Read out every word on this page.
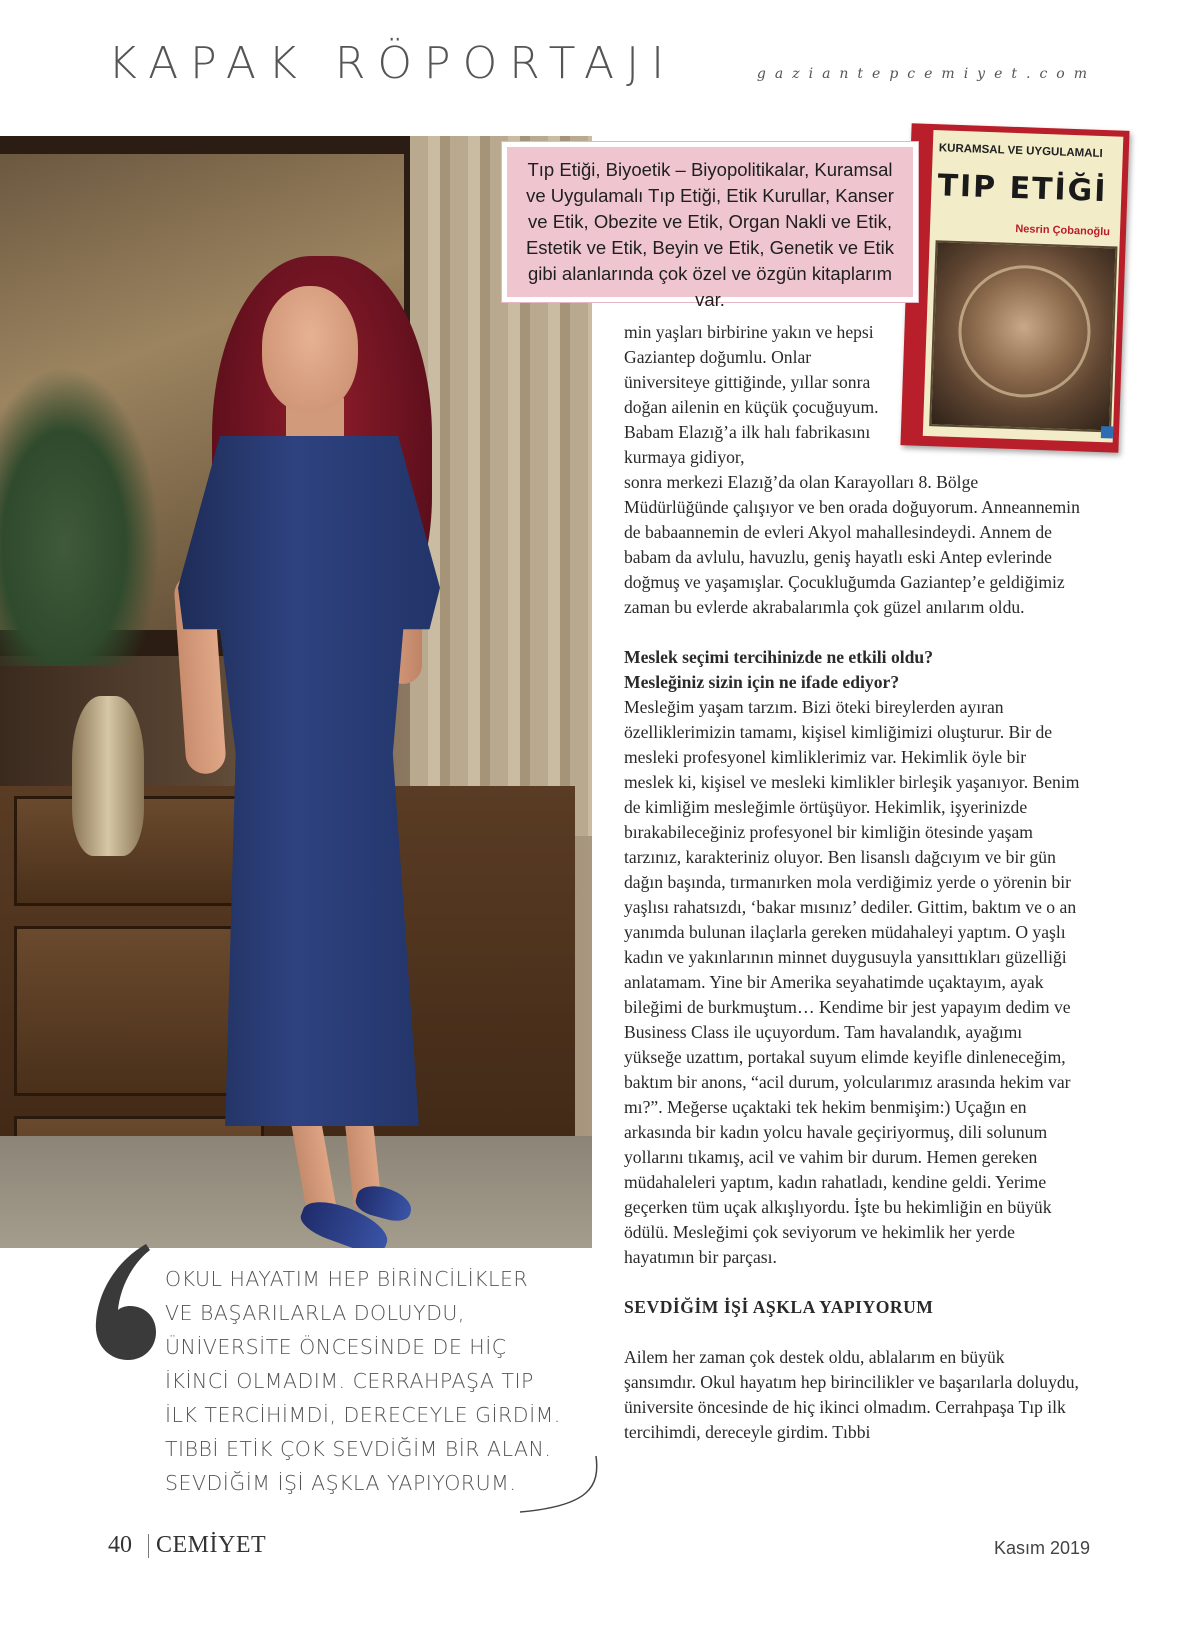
KAPAK RÖPORTAJI	gaziantepcemiyet.com
Tıp Etiği, Biyoetik – Biyopolitikalar, Kuramsal ve Uygulamalı Tıp Etiği, Etik Kurullar, Kanser ve Etik, Obezite ve Etik, Organ Nakli ve Etik, Estetik ve Etik, Beyin ve Etik, Genetik ve Etik gibi alanlarında çok özel ve özgün kitaplarım var.
KURAMSAL VE UYGULAMALI
TIP ETİĞİ
Nesrin Çobanoğlu

min yaşları birbirine yakın ve hepsi Gaziantep doğumlu. Onlar üniversiteye gittiğinde, yıllar sonra doğan ailenin en küçük çocuğuyum. Babam Elazığ’a ilk halı fabrikasını kurmaya gidiyor,

sonra merkezi Elazığ’da olan Karayolları 8. Bölge Müdürlüğünde çalışıyor ve ben orada doğuyorum. Anneannemin de babaannemin de evleri Akyol mahallesindeydi. Annem de babam da avlulu, havuzlu, geniş hayatlı eski Antep evlerinde doğmuş ve yaşamışlar. Çocukluğumda Gaziantep’e geldiğimiz zaman bu evlerde akrabalarımla çok güzel anılarım oldu.

Meslek seçimi tercihinizde ne etkili oldu?
Mesleğiniz sizin için ne ifade ediyor?

Mesleğim yaşam tarzım. Bizi öteki bireylerden ayıran özelliklerimizin tamamı, kişisel kimliğimizi oluşturur. Bir de mesleki profesyonel kimliklerimiz var. Hekimlik öyle bir meslek ki, kişisel ve mesleki kimlikler birleşik yaşanıyor. Benim de kimliğim mesleğimle örtüşüyor. Hekimlik, işyerinizde bırakabileceğiniz profesyonel bir kimliğin ötesinde yaşam tarzınız, karakteriniz oluyor. Ben lisanslı dağcıyım ve bir gün dağın başında, tırmanırken mola verdiğimiz yerde o yörenin bir yaşlısı rahatsızdı, ‘bakar mısınız’ dediler. Gittim, baktım ve o an yanımda bulunan ilaçlarla gereken müdahaleyi yaptım. O yaşlı kadın ve yakınlarının minnet duygusuyla yansıttıkları güzelliği anlatamam. Yine bir Amerika seyahatimde uçaktayım, ayak bileğimi de burkmuştum… Kendime bir jest yapayım dedim ve Business Class ile uçuyordum. Tam havalandık, ayağımı yükseğe uzattım, portakal suyum elimde keyifle dinleneceğim, baktım bir anons, “acil durum, yolcularımız arasında hekim var mı?”. Meğerse uçaktaki tek hekim benmişim:) Uçağın en arkasında bir kadın yolcu havale geçiriyormuş, dili solunum yollarını tıkamış, acil ve vahim bir durum. Hemen gereken müdahaleleri yaptım, kadın rahatladı, kendine geldi. Yerime geçerken tüm uçak alkışlıyordu. İşte bu hekimliğin en büyük ödülü. Mesleğimi çok seviyorum ve hekimlik her yerde hayatımın bir parçası.

SEVDİĞİM İŞİ AŞKLA YAPIYORUM

Ailem her zaman çok destek oldu, ablalarım en büyük şansımdır. Okul hayatım hep birincilikler ve başarılarla doluydu, üniversite öncesinde de hiç ikinci olmadım. Cerrahpaşa Tıp ilk tercihimdi, dereceyle girdim. Tıbbi

OKUL HAYATIM HEP BİRİNCİLİKLER
VE BAŞARILARLA DOLUYDU,
ÜNİVERSİTE ÖNCESİNDE DE HİÇ
İKİNCİ OLMADIM. CERRAHPAŞA TIP
İLK TERCİHİMDİ, DERECEYLE GİRDİM.
TIBBİ ETİK ÇOK SEVDİĞİM BİR ALAN.
SEVDİĞİM İŞİ AŞKLA YAPIYORUM.
40 CEMİYET	Kasım 2019
